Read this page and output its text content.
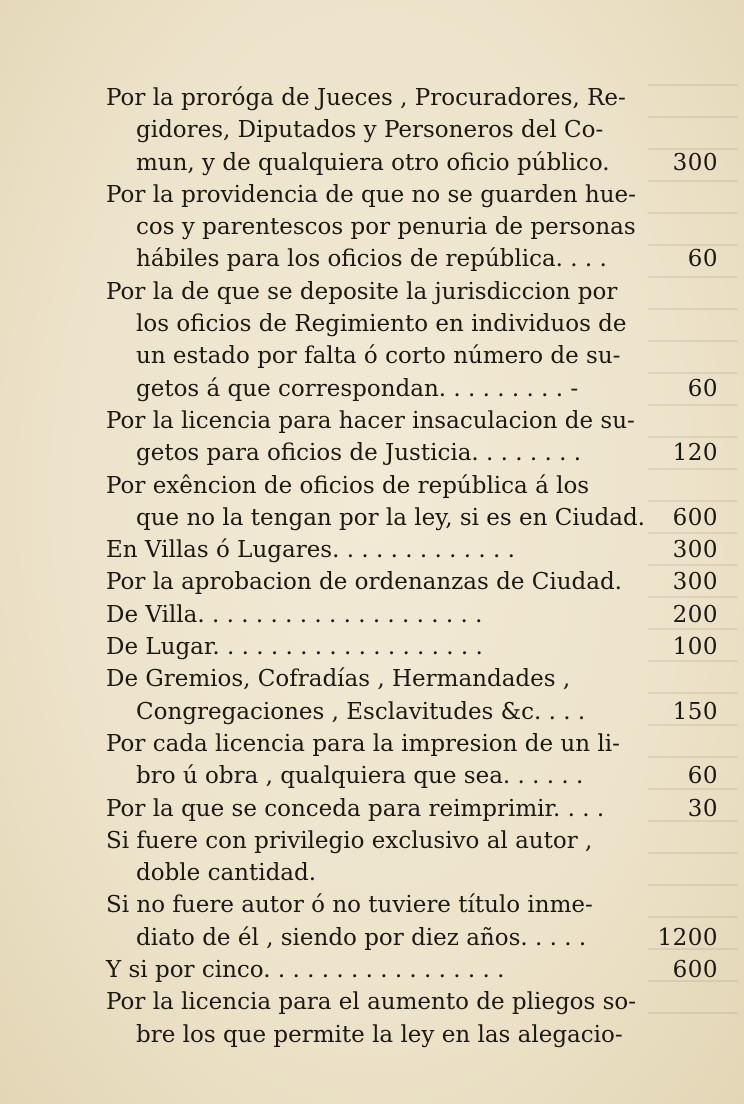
Por la prorógа de Jueces , Procuradores, Re-
gidores, Diputados y Personeros del Co-
mun, y de qualquiera otro oficio público.	300
Por la providencia de que no se guarden hue-
cos y parentescos por penuria de personas
hábiles para los oficios de república. . . .	60
Por la de que se deposite la jurisdiccion por
los oficios de Regimiento en individuos de
un estado por falta ó corto número de su-
getos á que correspondan. . . . . . . . . -	60
Por la licencia para hacer insaculacion de su-
getos para oficios de Justicia. . . . . . . .	120
Por exêncion de oficios de república á los
que no la tengan por la ley, si es en Ciudad. 600
En Villas ó Lugares. . . . . . . . . . . . .	300
Por la aprobacion de ordenanzas de Ciudad. 300
De Villa. . . . . . . . . . . . . . . . . . . .	200
De Lugar. . . . . . . . . . . . . . . . . . .	100
De Gremios, Cofradías , Hermandades ,
Congregaciones , Esclavitudes &c. . . .	150
Por cada licencia para la impresion de un li-
bro ú obra , qualquiera que sea. . . . . .	60
Por la que se conceda para reimprimir. . . .	30
Si fuere con privilegio exclusivo al autor ,
doble cantidad.
Si no fuere autor ó no tuviere título inme-
diato de él , siendo por diez años. . . . .	1200
Y si por cinco. . . . . . . . . . . . . . . . .	600
Por la licencia para el aumento de pliegos so-
bre los que permite la ley en las alegacio-
